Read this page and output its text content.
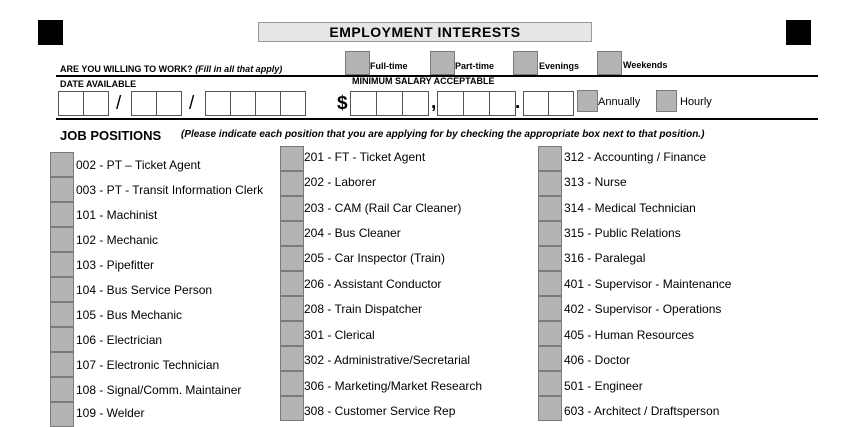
EMPLOYMENT INTERESTS
ARE YOU WILLING TO WORK? (Fill in all that apply)	Full-time	Part-time	Evenings	Weekends
DATE AVAILABLE	MINIMUM SALARY ACCEPTABLE
/	/	$	,	.	Annually	Hourly
JOB POSITIONS (Please indicate each position that you are applying for by checking the appropriate box next to that position.)
002 - PT – Ticket Agent
003 - PT - Transit Information Clerk
101 - Machinist
102 - Mechanic
103 - Pipefitter
104 - Bus Service Person
105 - Bus Mechanic
106 - Electrician
107 - Electronic Technician
108 - Signal/Comm. Maintainer
109 - Welder
201 - FT - Ticket Agent
202 - Laborer
203 - CAM (Rail Car Cleaner)
204 - Bus Cleaner
205 - Car Inspector (Train)
206 - Assistant Conductor
208 - Train Dispatcher
301 - Clerical
302 - Administrative/Secretarial
306 - Marketing/Market Research
308 - Customer Service Rep
312 - Accounting / Finance
313 - Nurse
314 - Medical Technician
315 - Public Relations
316 - Paralegal
401 - Supervisor - Maintenance
402 - Supervisor - Operations
405 - Human Resources
406 - Doctor
501 - Engineer
603 - Architect / Draftsperson
